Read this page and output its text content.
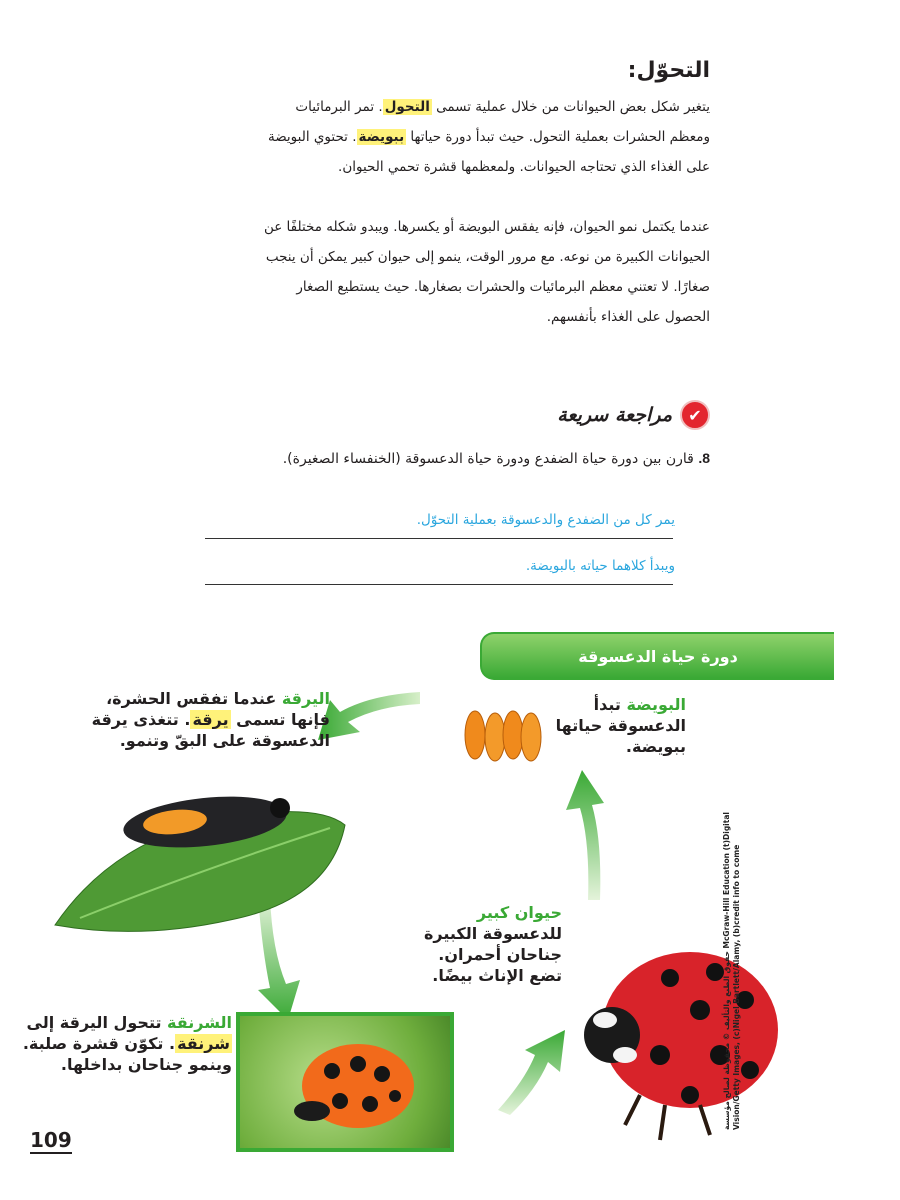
التحوّل:
يتغير شكل بعض الحيوانات من خلال عملية تسمى التحول. تمر البرمائيات ومعظم الحشرات بعملية التحول. حيث تبدأ دورة حياتها ببويضة. تحتوي البويضة على الغذاء الذي تحتاجه الحيوانات. ولمعظمها قشرة تحمي الحيوان.
عندما يكتمل نمو الحيوان، فإنه يفقس البويضة أو يكسرها. ويبدو شكله مختلفًا عن الحيوانات الكبيرة من نوعه. مع مرور الوقت، ينمو إلى حيوان كبير يمكن أن ينجب صغارًا. لا تعتني معظم البرمائيات والحشرات بصغارها. حيث يستطيع الصغار الحصول على الغذاء بأنفسهم.
✔
مراجعة سريعة
8. قارن بين دورة حياة الضفدع ودورة حياة الدعسوقة (الخنفساء الصغيرة).
يمر كل من الضفدع والدعسوقة بعملية التحوّل.
ويبدأ كلاهما حياته بالبويضة.
دورة حياة الدعسوقة
البويضة تبدأ الدعسوقة حياتها ببويضة.
اليرقة عندما تفقس الحشرة، فإنها تسمى يرقة. تتغذى يرقة الدعسوقة على البقّ وتنمو.
الشرنقة تتحول اليرقة إلى شرنقة. تكوّن قشرة صلبة. وينمو جناحان بداخلها.
حيوان كبير للدعسوقة الكبيرة جناحان أحمران. تضع الإناث بيضًا.	حقوق الطبع والتأليف © محفوظة لصالح مؤسسة McGraw-Hill Education (t)Digital Vision/Getty Images, (c)Nigel Bartlett/Alamy, (b)credit info to come
109
